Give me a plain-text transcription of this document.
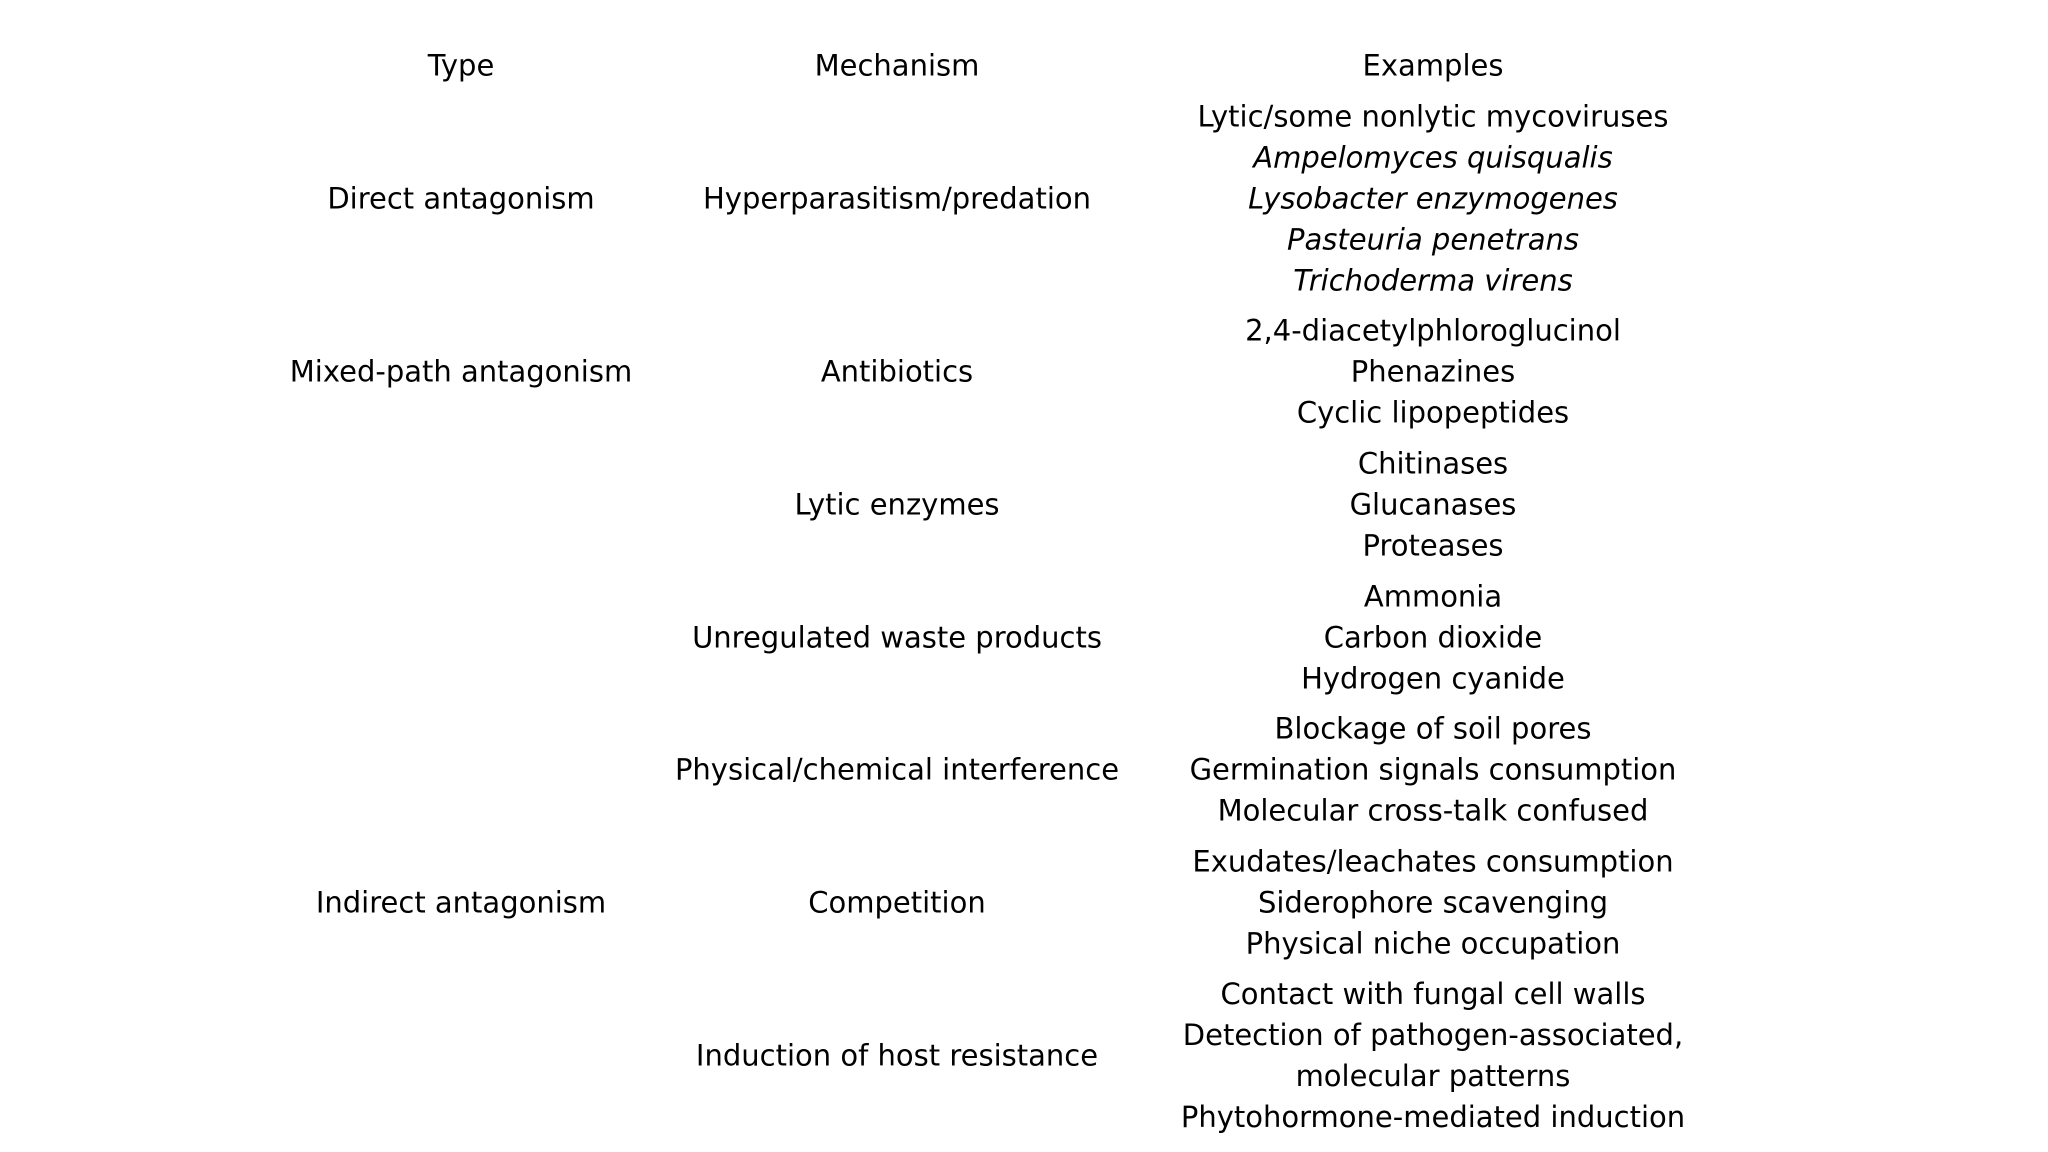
Type	Mechanism	Examples
Direct antagonism
Mixed-path antagonism
Indirect antagonism
Hyperparasitism/predation
Lytic/some nonlytic mycoviruses
Ampelomyces quisqualis
Lysobacter enzymogenes
Pasteuria penetrans
Trichoderma virens
Antibiotics
2,4-diacetylphloroglucinol
Phenazines
Cyclic lipopeptides
Lytic enzymes
Chitinases
Glucanases
Proteases
Unregulated waste products
Ammonia
Carbon dioxide
Hydrogen cyanide
Physical/chemical interference
Blockage of soil pores
Germination signals consumption
Molecular cross-talk confused
Competition
Exudates/leachates consumption
Siderophore scavenging
Physical niche occupation
Induction of host resistance
Contact with fungal cell walls
Detection of pathogen-associated,
molecular patterns
Phytohormone-mediated induction
